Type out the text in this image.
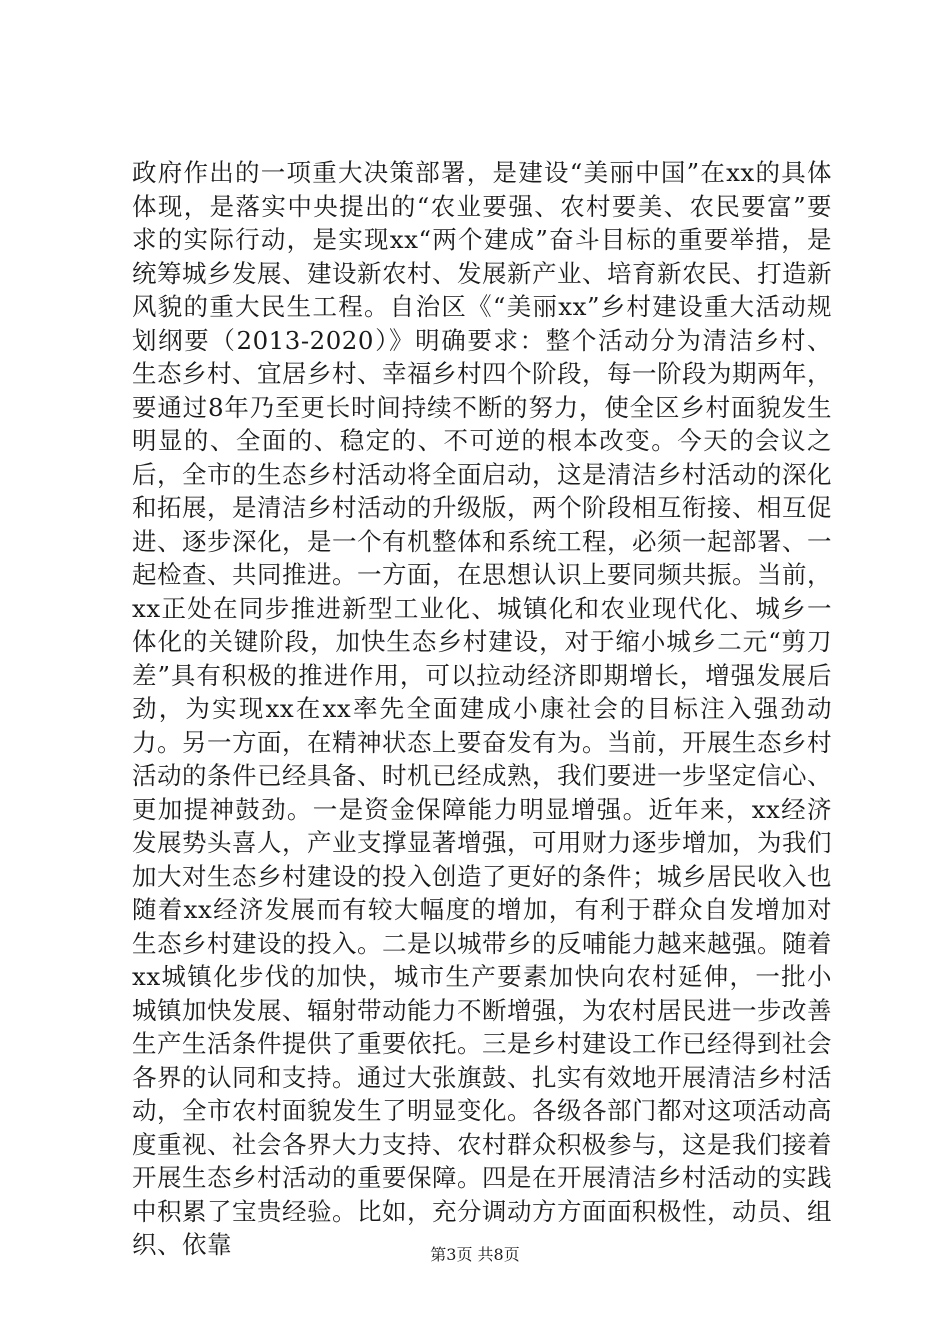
政府作出的一项重大决策部署，是建设“美丽中国”在xx的具体体现，是落实中央提出的“农业要强、农村要美、农民要富”要求的实际行动，是实现xx“两个建成”奋斗目标的重要举措，是统筹城乡发展、建设新农村、发展新产业、培育新农民、打造新风貌的重大民生工程。自治区《“美丽xx”乡村建设重大活动规划纲要（2013-2020）》明确要求：整个活动分为清洁乡村、生态乡村、宜居乡村、幸福乡村四个阶段，每一阶段为期两年，要通过8年乃至更长时间持续不断的努力，使全区乡村面貌发生明显的、全面的、稳定的、不可逆的根本改变。今天的会议之后，全市的生态乡村活动将全面启动，这是清洁乡村活动的深化和拓展，是清洁乡村活动的升级版，两个阶段相互衔接、相互促进、逐步深化，是一个有机整体和系统工程，必须一起部署、一起检查、共同推进。一方面，在思想认识上要同频共振。当前，xx正处在同步推进新型工业化、城镇化和农业现代化、城乡一体化的关键阶段，加快生态乡村建设，对于缩小城乡二元“剪刀差”具有积极的推进作用，可以拉动经济即期增长，增强发展后劲，为实现xx在xx率先全面建成小康社会的目标注入强劲动力。另一方面，在精神状态上要奋发有为。当前，开展生态乡村活动的条件已经具备、时机已经成熟，我们要进一步坚定信心、更加提神鼓劲。一是资金保障能力明显增强。近年来，xx经济发展势头喜人，产业支撑显著增强，可用财力逐步增加，为我们加大对生态乡村建设的投入创造了更好的条件；城乡居民收入也随着xx经济发展而有较大幅度的增加，有利于群众自发增加对生态乡村建设的投入。二是以城带乡的反哺能力越来越强。随着xx城镇化步伐的加快，城市生产要素加快向农村延伸，一批小城镇加快发展、辐射带动能力不断增强，为农村居民进一步改善生产生活条件提供了重要依托。三是乡村建设工作已经得到社会各界的认同和支持。通过大张旗鼓、扎实有效地开展清洁乡村活动，全市农村面貌发生了明显变化。各级各部门都对这项活动高度重视、社会各界大力支持、农村群众积极参与，这是我们接着开展生态乡村活动的重要保障。四是在开展清洁乡村活动的实践中积累了宝贵经验。比如，充分调动方方面面积极性，动员、组织、依靠	第3页 共8页
